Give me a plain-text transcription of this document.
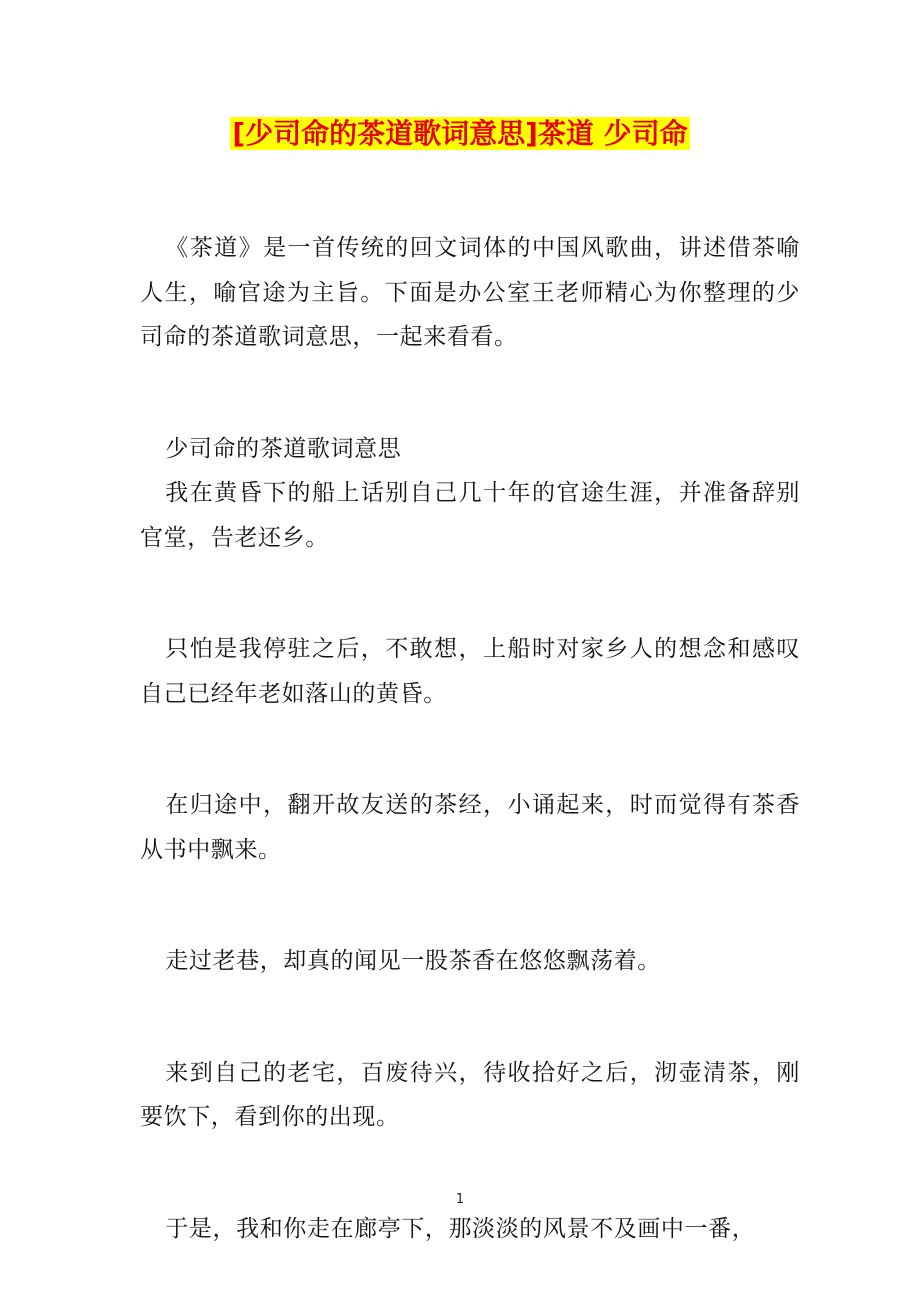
[少司命的茶道歌词意思]茶道 少司命

《茶道》是一首传统的回文词体的中国风歌曲，讲述借茶喻人生，喻官途为主旨。下面是办公室王老师精心为你整理的少司命的茶道歌词意思，一起来看看。

少司命的茶道歌词意思

我在黄昏下的船上话别自己几十年的官途生涯，并准备辞别官堂，告老还乡。

只怕是我停驻之后，不敢想，上船时对家乡人的想念和感叹自己已经年老如落山的黄昏。

在归途中，翻开故友送的茶经，小诵起来，时而觉得有茶香从书中飘来。

走过老巷，却真的闻见一股茶香在悠悠飘荡着。

来到自己的老宅，百废待兴，待收拾好之后，沏壶清茶，刚要饮下，看到你的出现。

于是，我和你走在廊亭下，那淡淡的风景不及画中一番，

1
